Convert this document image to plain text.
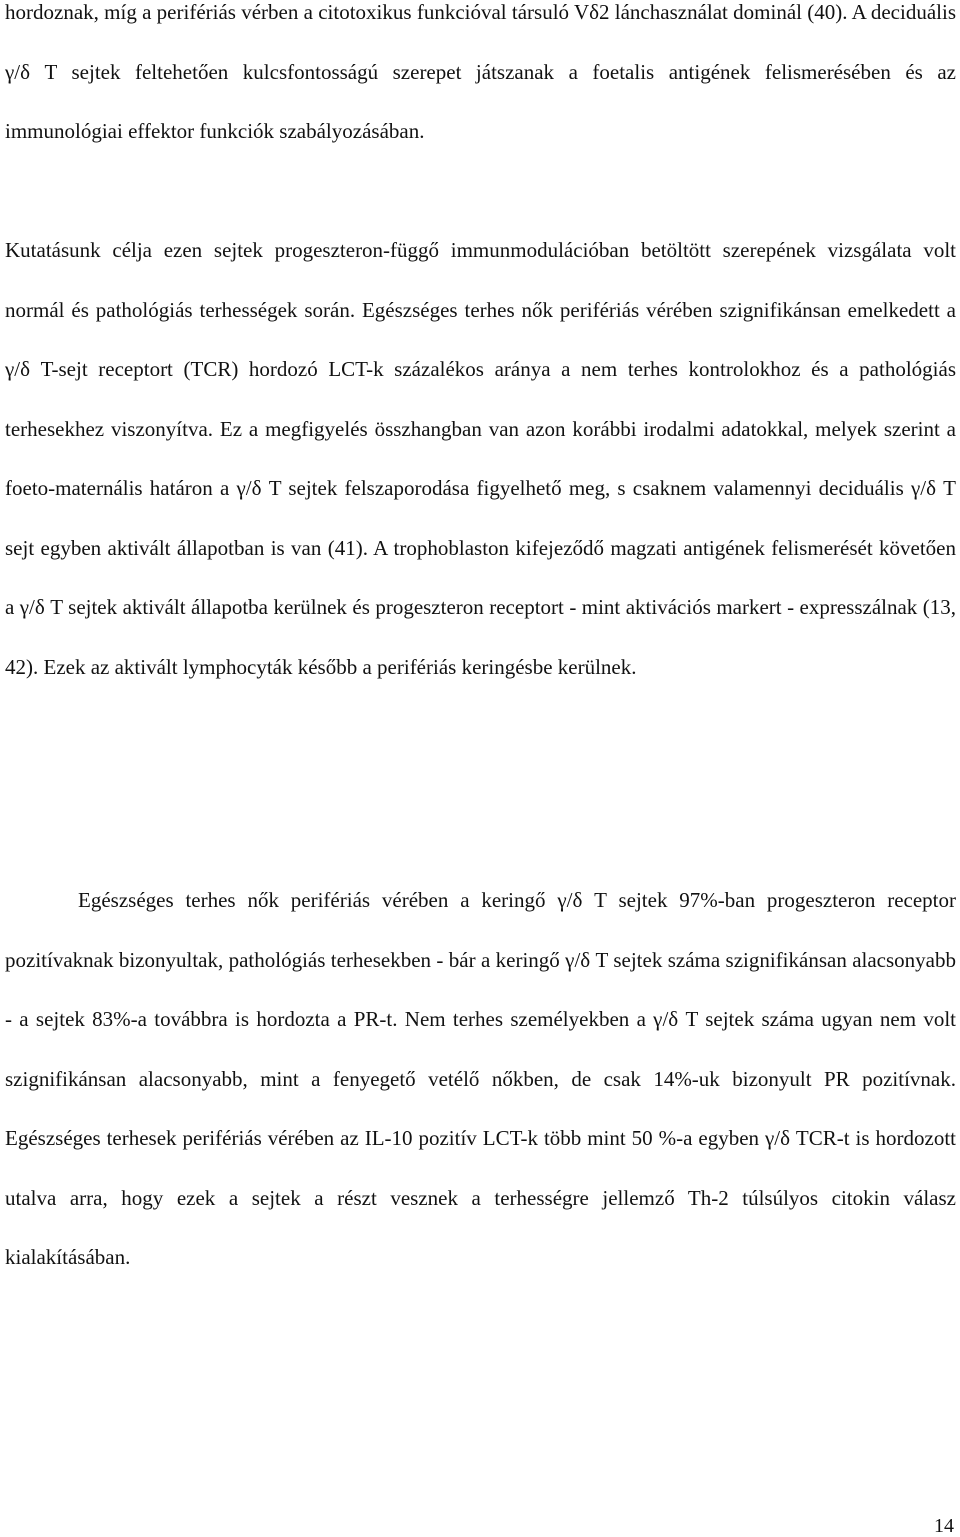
hordoznak, míg a perifériás vérben a citotoxikus funkcióval társuló Vδ2 lánchasználat dominál (40). A deciduális γ/δ T sejtek feltehetően kulcsfontosságú szerepet játszanak a foetalis antigének felismerésében és az immunológiai effektor funkciók szabályozásában.

Kutatásunk célja ezen sejtek progeszteron-függő immunmodulációban betöltött szerepének vizsgálata volt normál és pathológiás terhességek során. Egészséges terhes nők perifériás vérében szignifikánsan emelkedett a γ/δ T-sejt receptort (TCR) hordozó LCT-k százalékos aránya a nem terhes kontrolokhoz és a pathológiás terhesekhez viszonyítva. Ez a megfigyelés összhangban van azon korábbi irodalmi adatokkal, melyek szerint a foeto-maternális határon a γ/δ T sejtek felszaporodása figyelhető meg, s csaknem valamennyi deciduális γ/δ T sejt egyben aktivált állapotban is van (41). A trophoblaston kifejeződő magzati antigének felismerését követően a γ/δ T sejtek aktivált állapotba kerülnek és progeszteron receptort - mint aktivációs markert - expresszálnak (13, 42). Ezek az aktivált lymphocyták később a perifériás keringésbe kerülnek.

Egészséges terhes nők perifériás vérében a keringő γ/δ T sejtek 97%-ban progeszteron receptor pozitívaknak bizonyultak, pathológiás terhesekben - bár a keringő γ/δ T sejtek száma szignifikánsan alacsonyabb - a sejtek 83%-a továbbra is hordozta a PR-t. Nem terhes személyekben a γ/δ T sejtek száma ugyan nem volt szignifikánsan alacsonyabb, mint a fenyegető vetélő nőkben, de csak 14%-uk bizonyult PR pozitívnak. Egészséges terhesek perifériás vérében az IL-10 pozitív LCT-k több mint 50 %-a egyben γ/δ TCR-t is hordozott utalva arra, hogy ezek a sejtek a részt vesznek a terhességre jellemző Th-2 túlsúlyos citokin válasz kialakításában.

14
